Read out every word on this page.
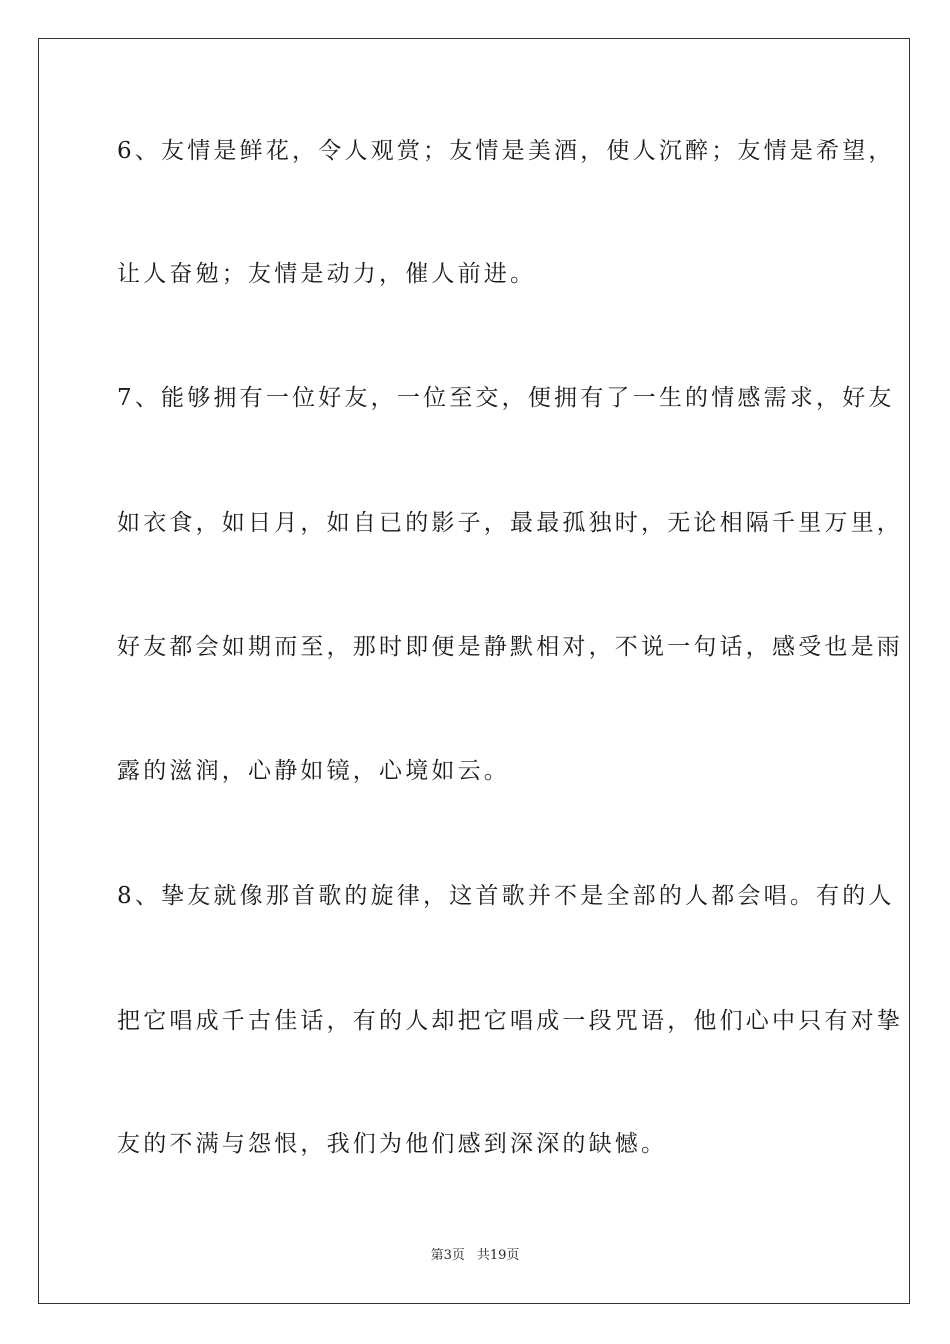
6、友情是鲜花，令人观赏；友情是美酒，使人沉醉；友情是希望，
让人奋勉；友情是动力，催人前进。
7、能够拥有一位好友，一位至交，便拥有了一生的情感需求，好友
如衣食，如日月，如自已的影子，最最孤独时，无论相隔千里万里，
好友都会如期而至，那时即便是静默相对，不说一句话，感受也是雨
露的滋润，心静如镜，心境如云。
8、挚友就像那首歌的旋律，这首歌并不是全部的人都会唱。有的人
把它唱成千古佳话，有的人却把它唱成一段咒语，他们心中只有对挚
友的不满与怨恨，我们为他们感到深深的缺憾。
第3页 共19页
